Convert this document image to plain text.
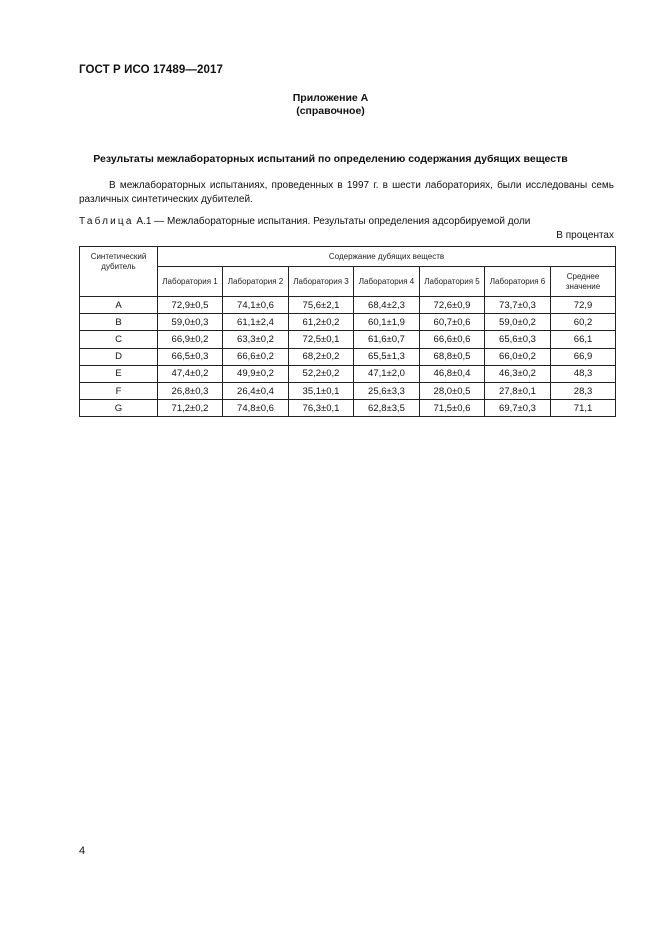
ГОСТ Р ИСО 17489—2017
Приложение А
(справочное)
Результаты межлабораторных испытаний по определению содержания дубящих веществ
В межлабораторных испытаниях, проведенных в 1997 г. в шести лабораториях, были исследованы семь различных синтетических дубителей.
Таблица А.1 — Межлабораторные испытания. Результаты определения адсорбируемой доли
В процентах
Синтетический дубитель	Содержание дубящих веществ						
	Лаборатория 1	Лаборатория 2	Лаборатория 3	Лаборатория 4	Лаборатория 5	Лаборатория 6	Среднее значение
A	72,9±0,5	74,1±0,6	75,6±2,1	68,4±2,3	72,6±0,9	73,7±0,3	72,9
B	59,0±0,3	61,1±2,4	61,2±0,2	60,1±1,9	60,7±0,6	59,0±0,2	60,2
C	66,9±0,2	63,3±0,2	72,5±0,1	61,6±0,7	66,6±0,6	65,6±0,3	66,1
D	66,5±0,3	66,6±0,2	68,2±0,2	65,5±1,3	68,8±0,5	66,0±0,2	66,9
E	47,4±0,2	49,9±0,2	52,2±0,2	47,1±2,0	46,8±0,4	46,3±0,2	48,3
F	26,8±0,3	26,4±0,4	35,1±0,1	25,6±3,3	28,0±0,5	27,8±0,1	28,3
G	71,2±0,2	74,8±0,6	76,3±0,1	62,8±3,5	71,5±0,6	69,7±0,3	71,1
4
